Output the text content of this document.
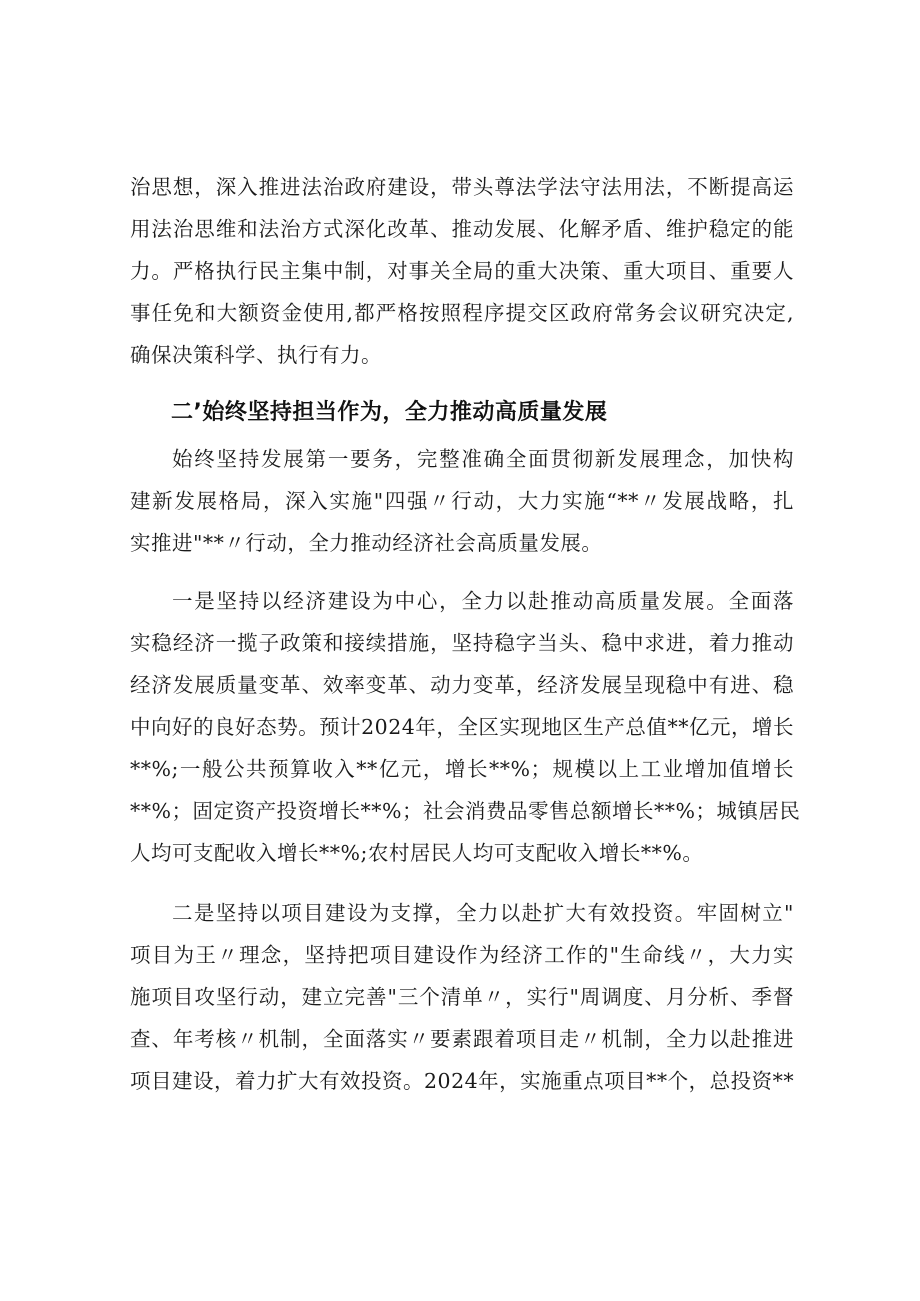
治思想，深入推进法治政府建设，带头尊法学法守法用法，不断提高运
用法治思维和法治方式深化改革、推动发展、化解矛盾、维护稳定的能
力。严格执行民主集中制，对事关全局的重大决策、重大项目、重要人
事任免和大额资金使用,都严格按照程序提交区政府常务会议研究决定,
确保决策科学、执行有力。
二’始终坚持担当作为，全力推动高质量发展
始终坚持发展第一要务，完整准确全面贯彻新发展理念，加快构
建新发展格局，深入实施"四强〃行动，大力实施“**〃发展战略，扎
实推进"**〃行动，全力推动经济社会高质量发展。
一是坚持以经济建设为中心，全力以赴推动高质量发展。全面落
实稳经济一揽子政策和接续措施，坚持稳字当头、稳中求进，着力推动
经济发展质量变革、效率变革、动力变革，经济发展呈现稳中有进、稳
中向好的良好态势。预计2024年，全区实现地区生产总值**亿元，增长
**%;一般公共预算收入**亿元，增长**%；规模以上工业增加值增长
**%；固定资产投资增长**%；社会消费品零售总额增长**%；城镇居民
人均可支配收入增长**%;农村居民人均可支配收入增长**%。
二是坚持以项目建设为支撑，全力以赴扩大有效投资。牢固树立"
项目为王〃理念，坚持把项目建设作为经济工作的"生命线〃，大力实
施项目攻坚行动，建立完善"三个清单〃，实行"周调度、月分析、季督
查、年考核〃机制，全面落实〃要素跟着项目走〃机制，全力以赴推进
项目建设，着力扩大有效投资。2024年，实施重点项目**个，总投资**
